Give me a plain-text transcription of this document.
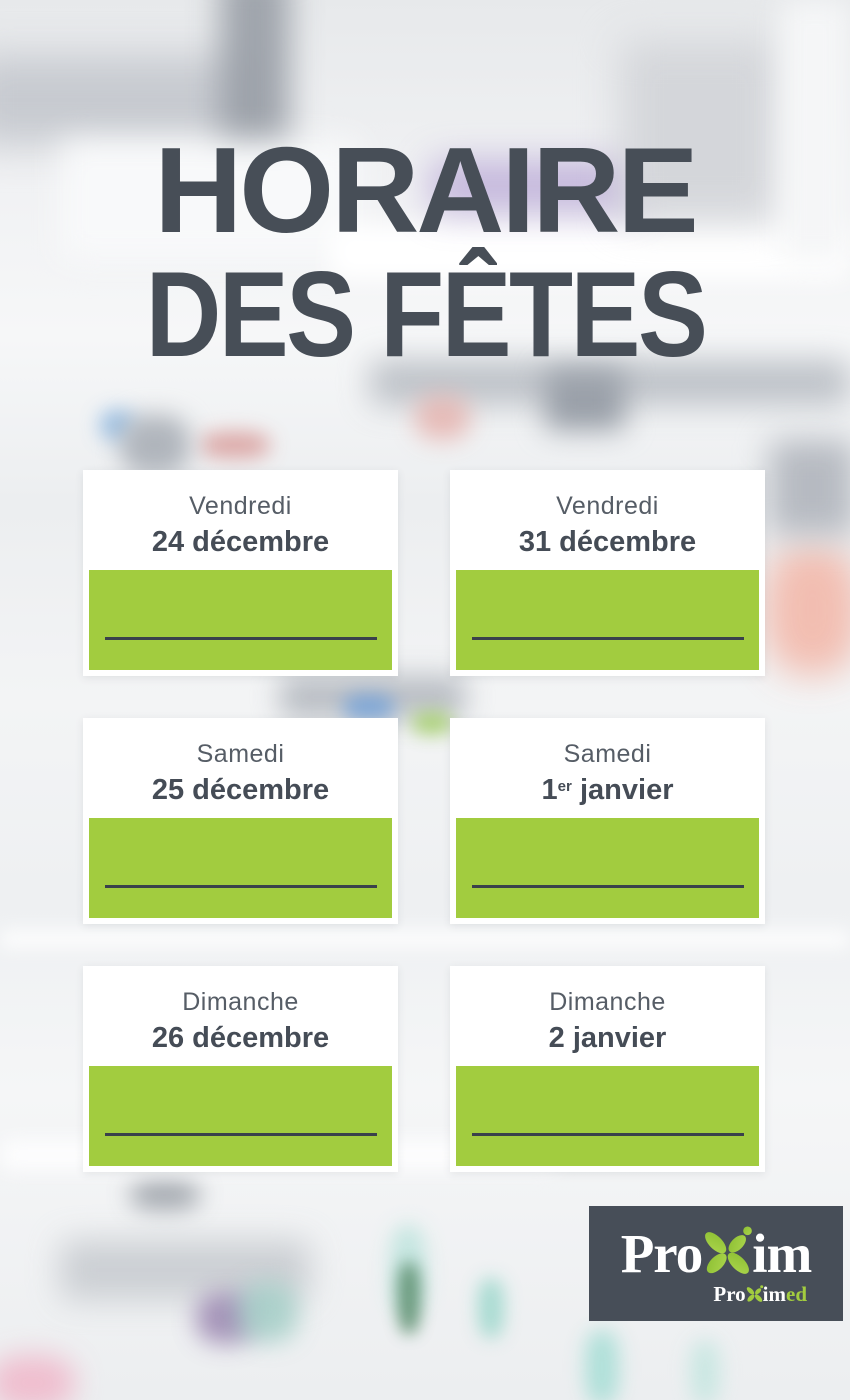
HORAIRE
DES FÊTES
Vendredi
24 décembre
Vendredi
31 décembre
Samedi
25 décembre
Samedi
1er janvier
Dimanche
26 décembre
Dimanche
2 janvier
Pro im
Pro imed
